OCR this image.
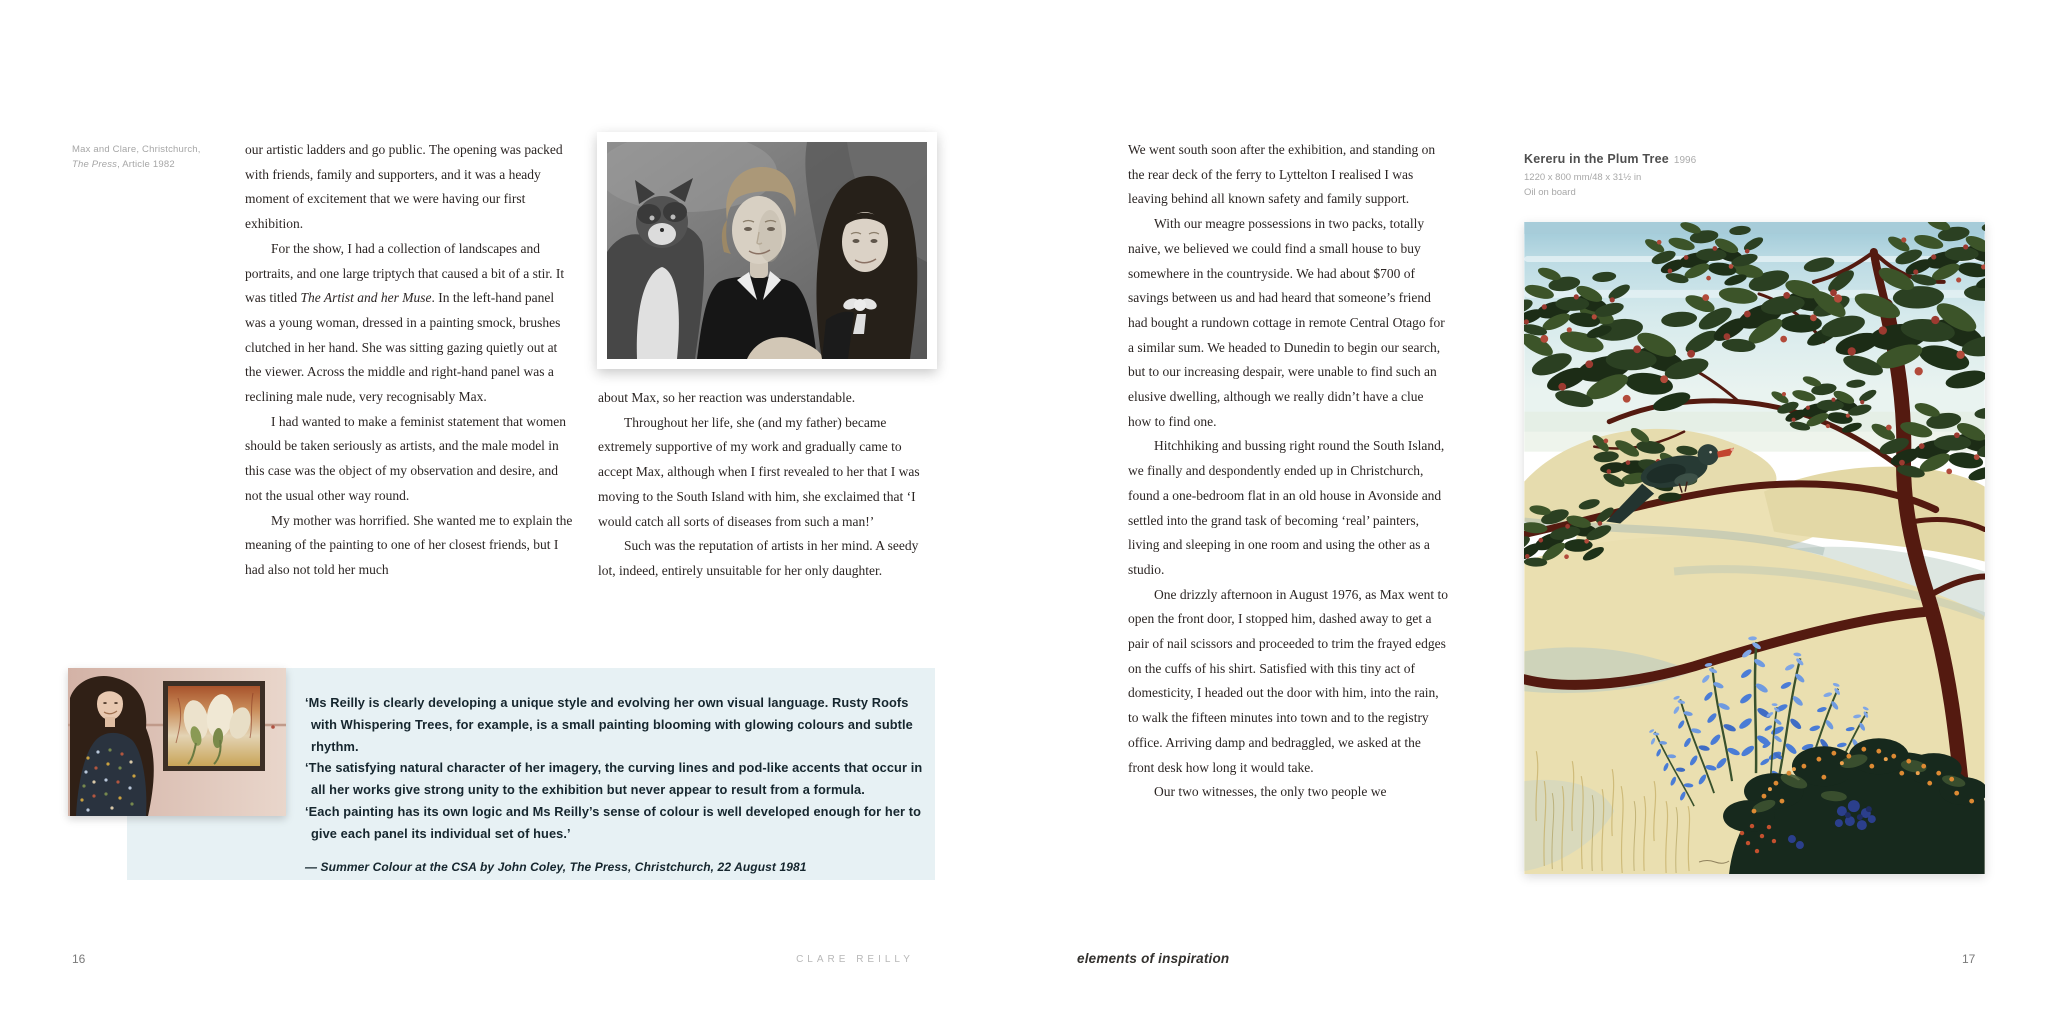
Max and Clare, Christchurch,
The Press, Article 1982

our artistic ladders and go public. The opening was packed with friends, family and supporters, and it was a heady moment of excitement that we were having our first exhibition.

For the show, I had a collection of landscapes and portraits, and one large triptych that caused a bit of a stir. It was titled The Artist and her Muse. In the left-hand panel was a young woman, dressed in a painting smock, brushes clutched in her hand. She was sitting gazing quietly out at the viewer. Across the middle and right-hand panel was a reclining male nude, very recognisably Max.

I had wanted to make a feminist statement that women should be taken seriously as artists, and the male model in this case was the object of my observation and desire, and not the usual other way round.

My mother was horrified. She wanted me to explain the meaning of the painting to one of her closest friends, but I had also not told her much

about Max, so her reaction was understandable.

Throughout her life, she (and my father) became extremely supportive of my work and gradually came to accept Max, although when I first revealed to her that I was moving to the South Island with him, she exclaimed that ‘I would catch all sorts of diseases from such a man!’

Such was the reputation of artists in her mind. A seedy lot, indeed, entirely unsuitable for her only daughter.

‘Ms Reilly is clearly developing a unique style and evolving her own visual language. Rusty Roofs with Whispering Trees, for example, is a small painting blooming with glowing colours and subtle rhythm.

‘The satisfying natural character of her imagery, the curving lines and pod-like accents that occur in all her works give strong unity to the exhibition but never appear to result from a formula.

‘Each painting has its own logic and Ms Reilly’s sense of colour is well developed enough for her to give each panel its individual set of hues.’

— Summer Colour at the CSA by John Coley, The Press, Christchurch, 22 August 1981

We went south soon after the exhibition, and standing on the rear deck of the ferry to Lyttelton I realised I was leaving behind all known safety and family support.

With our meagre possessions in two packs, totally naive, we believed we could find a small house to buy somewhere in the countryside. We had about $700 of savings between us and had heard that someone’s friend had bought a rundown cottage in remote Central Otago for a similar sum. We headed to Dunedin to begin our search, but to our increasing despair, were unable to find such an elusive dwelling, although we really didn’t have a clue how to find one.

Hitchhiking and bussing right round the South Island, we finally and despondently ended up in Christchurch, found a one-bedroom flat in an old house in Avonside and settled into the grand task of becoming ‘real’ painters, living and sleeping in one room and using the other as a studio.

One drizzly afternoon in August 1976, as Max went to open the front door, I stopped him, dashed away to get a pair of nail scissors and proceeded to trim the frayed edges on the cuffs of his shirt. Satisfied with this tiny act of domesticity, I headed out the door with him, into the rain, to walk the fifteen minutes into town and to the registry office. Arriving damp and bedraggled, we asked at the front desk how long it would take.

Our two witnesses, the only two people we

Kereru in the Plum Tree 1996
1220 x 800 mm/48 x 31½ in
Oil on board
16	CLARE REILLY	elements of inspiration	17
